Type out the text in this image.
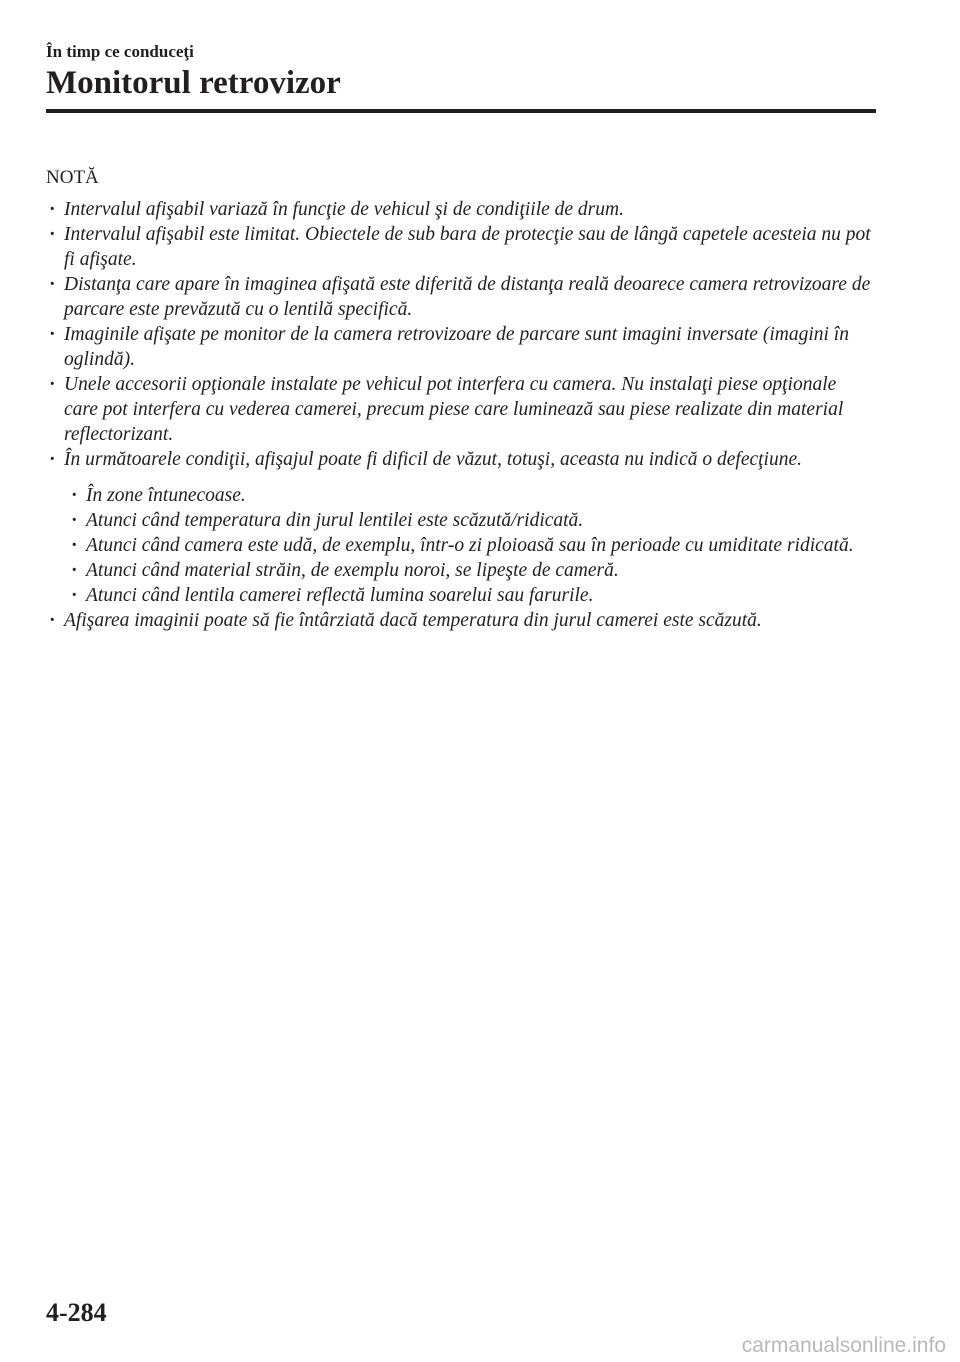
În timp ce conduceţi
Monitorul retrovizor
NOTĂ
· Intervalul afişabil variază în funcţie de vehicul şi de condiţiile de drum.
· Intervalul afişabil este limitat. Obiectele de sub bara de protecţie sau de lângă capetele acesteia nu pot fi afişate.
· Distanţa care apare în imaginea afişată este diferită de distanţa reală deoarece camera retrovizoare de parcare este prevăzută cu o lentilă specifică.
· Imaginile afişate pe monitor de la camera retrovizoare de parcare sunt imagini inversate (imagini în oglindă).
· Unele accesorii opţionale instalate pe vehicul pot interfera cu camera. Nu instalaţi piese opţionale care pot interfera cu vederea camerei, precum piese care luminează sau piese realizate din material reflectorizant.
· În următoarele condiţii, afişajul poate fi dificil de văzut, totuşi, aceasta nu indică o defecţiune.
· În zone întunecoase.
· Atunci când temperatura din jurul lentilei este scăzută/ridicată.
· Atunci când camera este udă, de exemplu, într-o zi ploioasă sau în perioade cu umiditate ridicată.
· Atunci când material străin, de exemplu noroi, se lipeşte de cameră.
· Atunci când lentila camerei reflectă lumina soarelui sau farurile.
· Afişarea imaginii poate să fie întârziată dacă temperatura din jurul camerei este scăzută.
4-284
carmanualsonline.info
